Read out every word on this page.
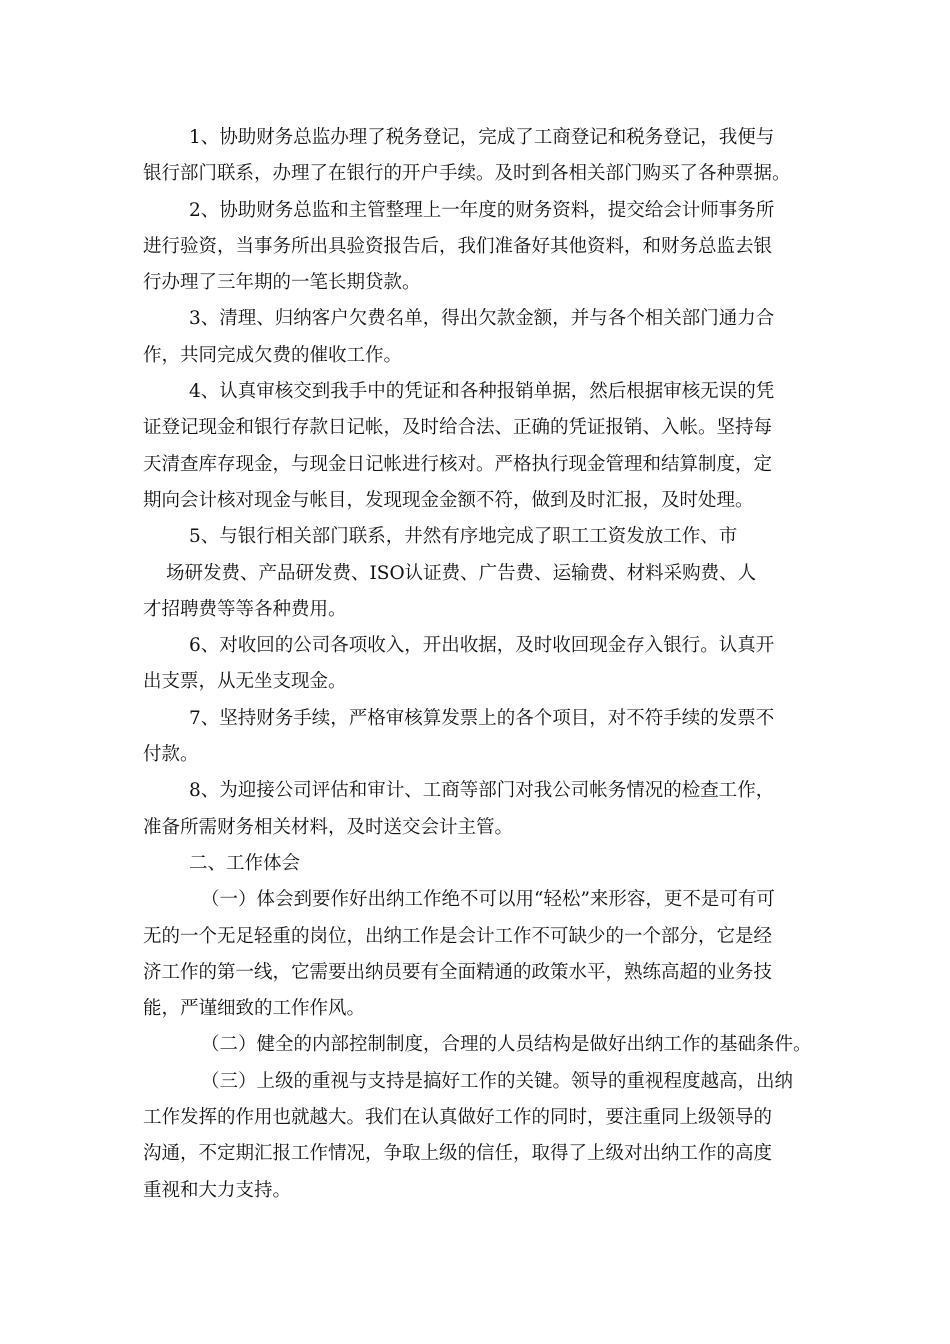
1、协助财务总监办理了税务登记，完成了工商登记和税务登记，我便与
银行部门联系，办理了在银行的开户手续。及时到各相关部门购买了各种票据。
2、协助财务总监和主管整理上一年度的财务资料，提交给会计师事务所
进行验资，当事务所出具验资报告后，我们准备好其他资料，和财务总监去银
行办理了三年期的一笔长期贷款。
3、清理、归纳客户欠费名单，得出欠款金额，并与各个相关部门通力合
作，共同完成欠费的催收工作。
4、认真审核交到我手中的凭证和各种报销单据，然后根据审核无误的凭
证登记现金和银行存款日记帐，及时给合法、正确的凭证报销、入帐。坚持每
天清查库存现金，与现金日记帐进行核对。严格执行现金管理和结算制度，定
期向会计核对现金与帐目，发现现金金额不符，做到及时汇报，及时处理。
5、与银行相关部门联系，井然有序地完成了职工工资发放工作、市
场研发费、产品研发费、ISO认证费、广告费、运输费、材料采购费、人
才招聘费等等各种费用。
6、对收回的公司各项收入，开出收据，及时收回现金存入银行。认真开
出支票，从无坐支现金。
7、坚持财务手续，严格审核算发票上的各个项目，对不符手续的发票不
付款。
8、为迎接公司评估和审计、工商等部门对我公司帐务情况的检查工作，
准备所需财务相关材料，及时送交会计主管。
二、工作体会
（一）体会到要作好出纳工作绝不可以用“轻松”来形容，更不是可有可
无的一个无足轻重的岗位，出纳工作是会计工作不可缺少的一个部分，它是经
济工作的第一线，它需要出纳员要有全面精通的政策水平，熟练高超的业务技
能，严谨细致的工作作风。
（二）健全的内部控制制度，合理的人员结构是做好出纳工作的基础条件。
（三）上级的重视与支持是搞好工作的关键。领导的重视程度越高，出纳
工作发挥的作用也就越大。我们在认真做好工作的同时，要注重同上级领导的
沟通，不定期汇报工作情况，争取上级的信任，取得了上级对出纳工作的高度
重视和大力支持。
